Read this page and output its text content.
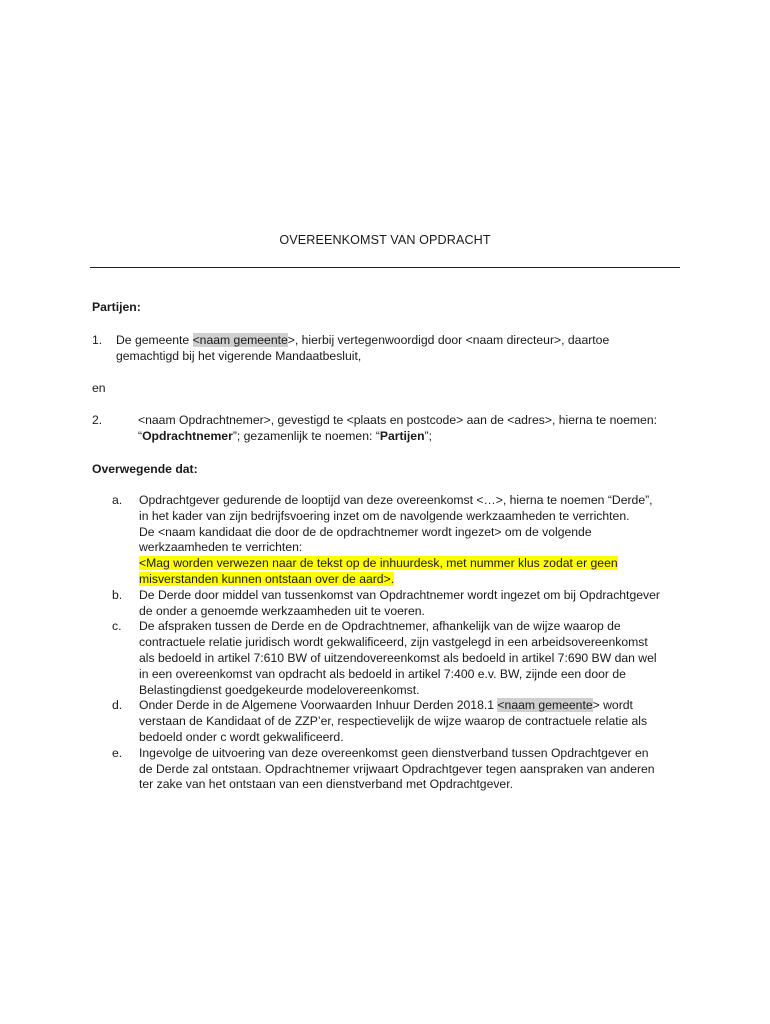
OVEREENKOMST VAN OPDRACHT
Partijen:
1. De gemeente <naam gemeente>, hierbij vertegenwoordigd door <naam directeur>, daartoe gemachtigd bij het vigerende Mandaatbesluit,
en
2.	<naam Opdrachtnemer>, gevestigd te <plaats en postcode> aan de <adres>, hierna te noemen: “Opdrachtnemer”; gezamenlijk te noemen: “Partijen”;
Overwegende dat:
a. Opdrachtgever gedurende de looptijd van deze overeenkomst <…>, hierna te noemen “Derde”, in het kader van zijn bedrijfsvoering inzet om de navolgende werkzaamheden te verrichten.
De <naam kandidaat die door de de opdrachtnemer wordt ingezet> om de volgende werkzaamheden te verrichten:
<Mag worden verwezen naar de tekst op de inhuurdesk, met nummer klus zodat er geen misverstanden kunnen ontstaan over de aard>.
b. De Derde door middel van tussenkomst van Opdrachtnemer wordt ingezet om bij Opdrachtgever de onder a genoemde werkzaamheden uit te voeren.
c. De afspraken tussen de Derde en de Opdrachtnemer, afhankelijk van de wijze waarop de contractuele relatie juridisch wordt gekwalificeerd, zijn vastgelegd in een arbeidsovereenkomst als bedoeld in artikel 7:610 BW of uitzendovereenkomst als bedoeld in artikel 7:690 BW dan wel in een overeenkomst van opdracht als bedoeld in artikel 7:400 e.v. BW, zijnde een door de Belastingdienst goedgekeurde modelovereenkomst.
d. Onder Derde in de Algemene Voorwaarden Inhuur Derden 2018.1 <naam gemeente> wordt verstaan de Kandidaat of de ZZP’er, respectievelijk de wijze waarop de contractuele relatie als bedoeld onder c wordt gekwalificeerd.
e. Ingevolge de uitvoering van deze overeenkomst geen dienstverband tussen Opdrachtgever en de Derde zal ontstaan. Opdrachtnemer vrijwaart Opdrachtgever tegen aanspraken van anderen ter zake van het ontstaan van een dienstverband met Opdrachtgever.
